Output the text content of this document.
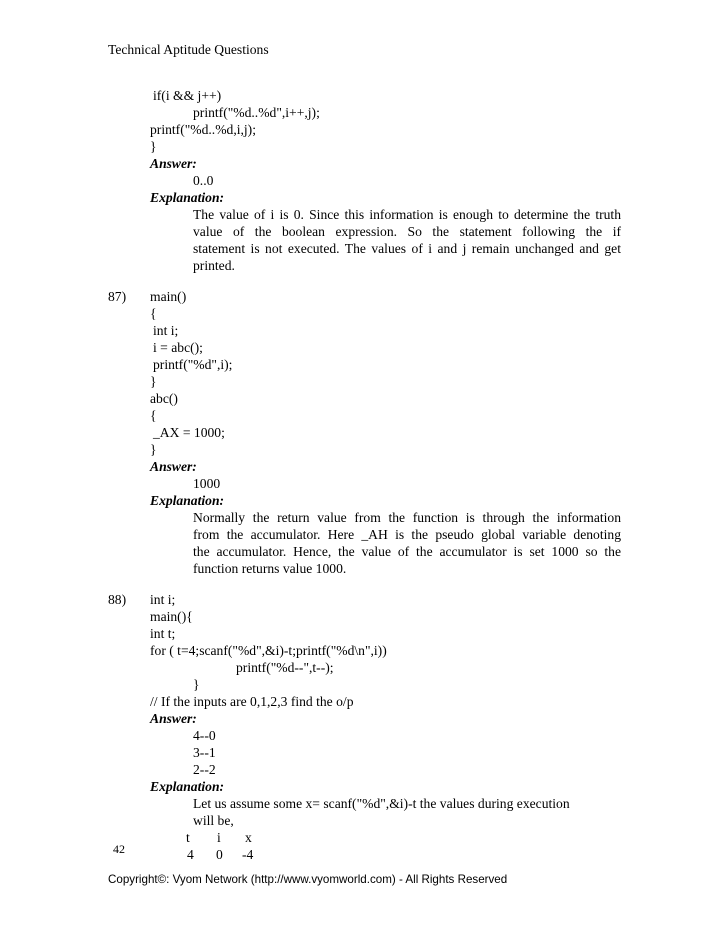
Technical Aptitude Questions
if(i && j++)
printf("%d..%d",i++,j);
printf("%d..%d,i,j);
}
Answer:
0..0
Explanation:
The value of i is 0. Since this information is enough to determine the truth
value of the boolean expression. So the statement following the if
statement is not executed. The values of i and j remain unchanged and get
printed.
87) main()
{
int i;
i = abc();
printf("%d",i);
}
abc()
{
_AX = 1000;
}
Answer:
1000
Explanation:
Normally the return value from the function is through the information
from the accumulator. Here _AH is the pseudo global variable denoting
the accumulator. Hence, the value of the accumulator is set 1000 so the
function returns value 1000.
88) int i;
main(){
int t;
for ( t=4;scanf("%d",&i)-t;printf("%d\n",i))
printf("%d--",t--);
}
// If the inputs are 0,1,2,3 find the o/p
Answer:
4--0
3--1
2--2
Explanation:
Let us assume some x= scanf("%d",&i)-t the values during execution
will be,
t i x
4 0 -4
42
Copyright©: Vyom Network (http://www.vyomworld.com) - All Rights Reserved
